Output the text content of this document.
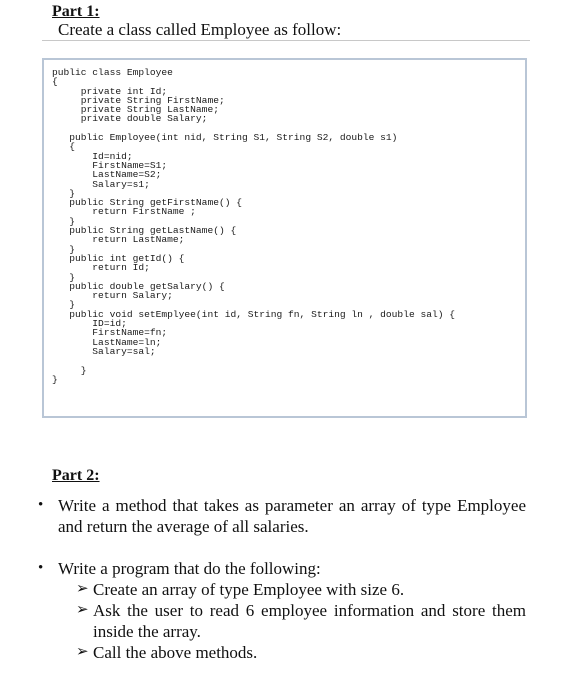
Part 1:
Create a class called Employee as follow:
public class Employee
{
private int Id;
private String FirstName;
private String LastName;
private double Salary;

public Employee(int nid, String S1, String S2, double s1)
{
Id=nid;
FirstName=S1;
LastName=S2;
Salary=s1;
}
public String getFirstName() {
return FirstName ;
}
public String getLastName() {
return LastName;
}
public int getId() {
return Id;
}
public double getSalary() {
return Salary;
}
public void setEmplyee(int id, String fn, String ln , double sal) {
ID=id;
FirstName=fn;
LastName=ln;
Salary=sal;

}
}
Part 2:
• Write a method that takes as parameter an array of type Employee and return the average of all salaries.
• Write a program that do the following:
➢ Create an array of type Employee with size 6.
➢ Ask the user to read 6 employee information and store them inside the array.
➢ Call the above methods.
